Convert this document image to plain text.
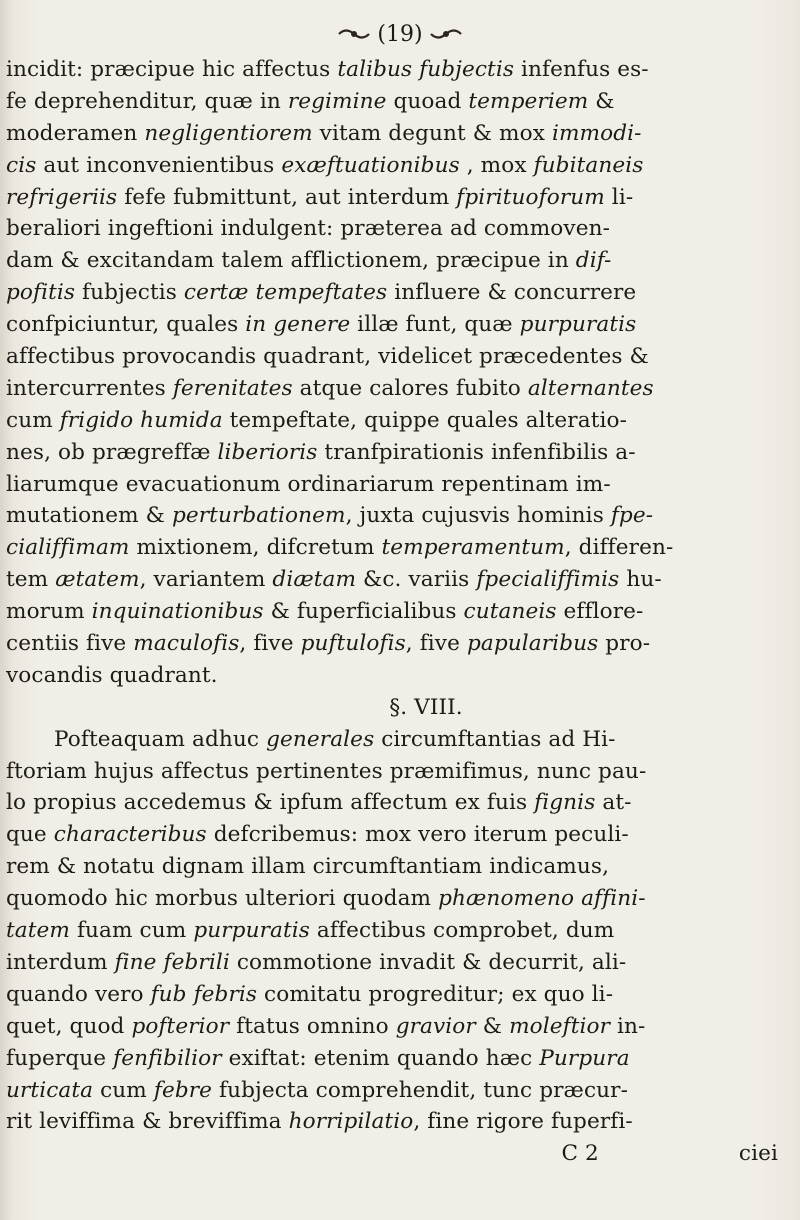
(19)
incidit: præcipue hic affectus talibus fubjectis infenfus es-
fe deprehenditur, quæ in regimine quoad temperiem &
moderamen negligentiorem vitam degunt & mox immodi-
cis aut inconvenientibus exæftuationibus , mox fubitaneis
refrigeriis fefe fubmittunt, aut interdum fpirituoforum li-
beraliori ingeftioni indulgent: præterea ad commoven-
dam & excitandam talem afflictionem, præcipue in dif-
pofitis fubjectis certæ tempeftates influere & concurrere
confpiciuntur, quales in genere illæ funt, quæ purpuratis
affectibus provocandis quadrant, videlicet præcedentes &
intercurrentes ferenitates atque calores fubito alternantes
cum frigido humida tempeftate, quippe quales alteratio-
nes, ob prægreffæ liberioris tranfpirationis infenfibilis a-
liarumque evacuationum ordinariarum repentinam im-
mutationem & perturbationem, juxta cujusvis hominis fpe-
cialiffimam mixtionem, difcretum temperamentum, differen-
tem ætatem, variantem diætam &c. variis fpecialiffimis hu-
morum inquinationibus & fuperficialibus cutaneis efflore-
centiis five maculofis, five puftulofis, five papularibus pro-
vocandis quadrant.
§. VIII.
Pofteaquam adhuc generales circumftantias ad Hi-
ftoriam hujus affectus pertinentes præmifimus, nunc pau-
lo propius accedemus & ipfum affectum ex fuis fignis at-
que characteribus defcribemus: mox vero iterum peculi-
rem & notatu dignam illam circumftantiam indicamus,
quomodo hic morbus ulteriori quodam phænomeno affini-
tatem fuam cum purpuratis affectibus comprobet, dum
interdum fine febrili commotione invadit & decurrit, ali-
quando vero fub febris comitatu progreditur; ex quo li-
quet, quod pofterior ftatus omnino gravior & moleftior in-
fuperque fenfibilior exiftat: etenim quando hæc Purpura
urticata cum febre fubjecta comprehendit, tunc præcur-
rit leviffima & breviffima horripilatio, fine rigore fuperfi-
C 2	ciei
